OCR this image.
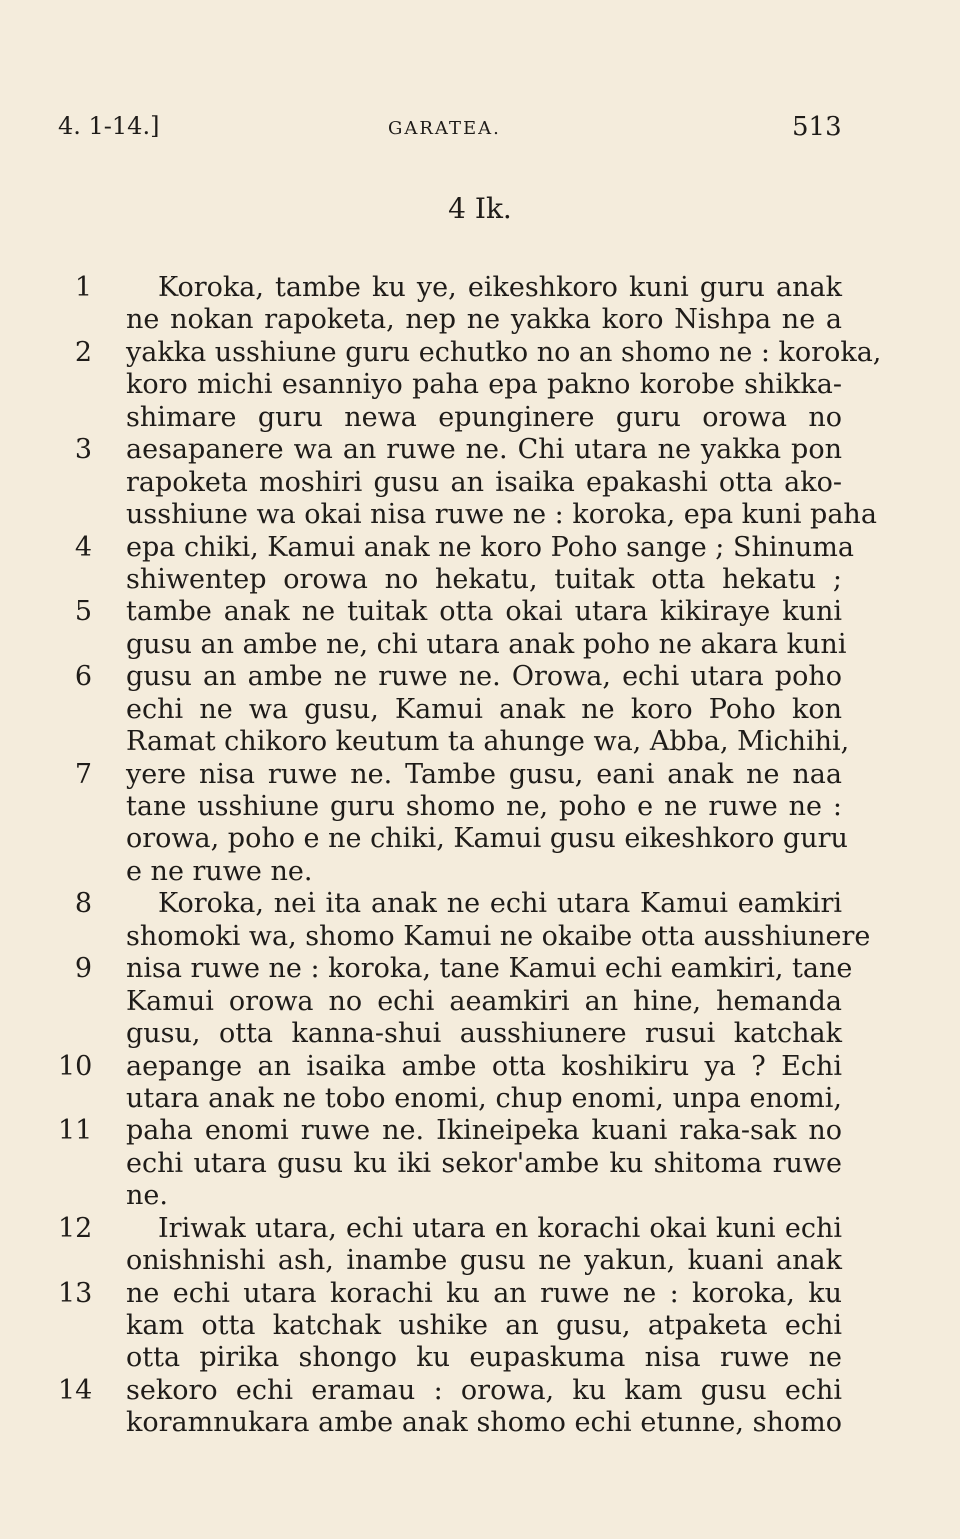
4. 1-14.]	GARATEA.	513
4 Ik.
1 Koroka, tambe ku ye, eikeshkoro kuni guru anak
ne nokan rapoketa, nep ne yakka koro Nishpa ne a
2 yakka usshiune guru echutko no an shomo ne : koroka,
koro michi esanniyo paha epa pakno korobe shikka-
shimare guru newa epunginere guru orowa no
3 aesapanere wa an ruwe ne. Chi utara ne yakka pon
rapoketa moshiri gusu an isaika epakashi otta ako-
usshiune wa okai nisa ruwe ne : koroka, epa kuni paha
4 epa chiki, Kamui anak ne koro Poho sange ; Shinuma
shiwentep orowa no hekatu, tuitak otta hekatu ;
5 tambe anak ne tuitak otta okai utara kikiraye kuni
gusu an ambe ne, chi utara anak poho ne akara kuni
6 gusu an ambe ne ruwe ne. Orowa, echi utara poho
echi ne wa gusu, Kamui anak ne koro Poho kon
Ramat chikoro keutum ta ahunge wa, Abba, Michihi,
7 yere nisa ruwe ne. Tambe gusu, eani anak ne naa
tane usshiune guru shomo ne, poho e ne ruwe ne :
orowa, poho e ne chiki, Kamui gusu eikeshkoro guru
e ne ruwe ne.
8 Koroka, nei ita anak ne echi utara Kamui eamkiri
shomoki wa, shomo Kamui ne okaibe otta ausshiunere
9 nisa ruwe ne : koroka, tane Kamui echi eamkiri, tane
Kamui orowa no echi aeamkiri an hine, hemanda
gusu, otta kanna-shui ausshiunere rusui katchak
10 aepange an isaika ambe otta koshikiru ya ? Echi
utara anak ne tobo enomi, chup enomi, unpa enomi,
11 paha enomi ruwe ne. Ikineipeka kuani raka-sak no
echi utara gusu ku iki sekor'ambe ku shitoma ruwe
ne.
12 Iriwak utara, echi utara en korachi okai kuni echi
onishnishi ash, inambe gusu ne yakun, kuani anak
13 ne echi utara korachi ku an ruwe ne : koroka, ku
kam otta katchak ushike an gusu, atpaketa echi
otta pirika shongo ku eupaskuma nisa ruwe ne
14 sekoro echi eramau : orowa, ku kam gusu echi
koramnukara ambe anak shomo echi etunne, shomo
